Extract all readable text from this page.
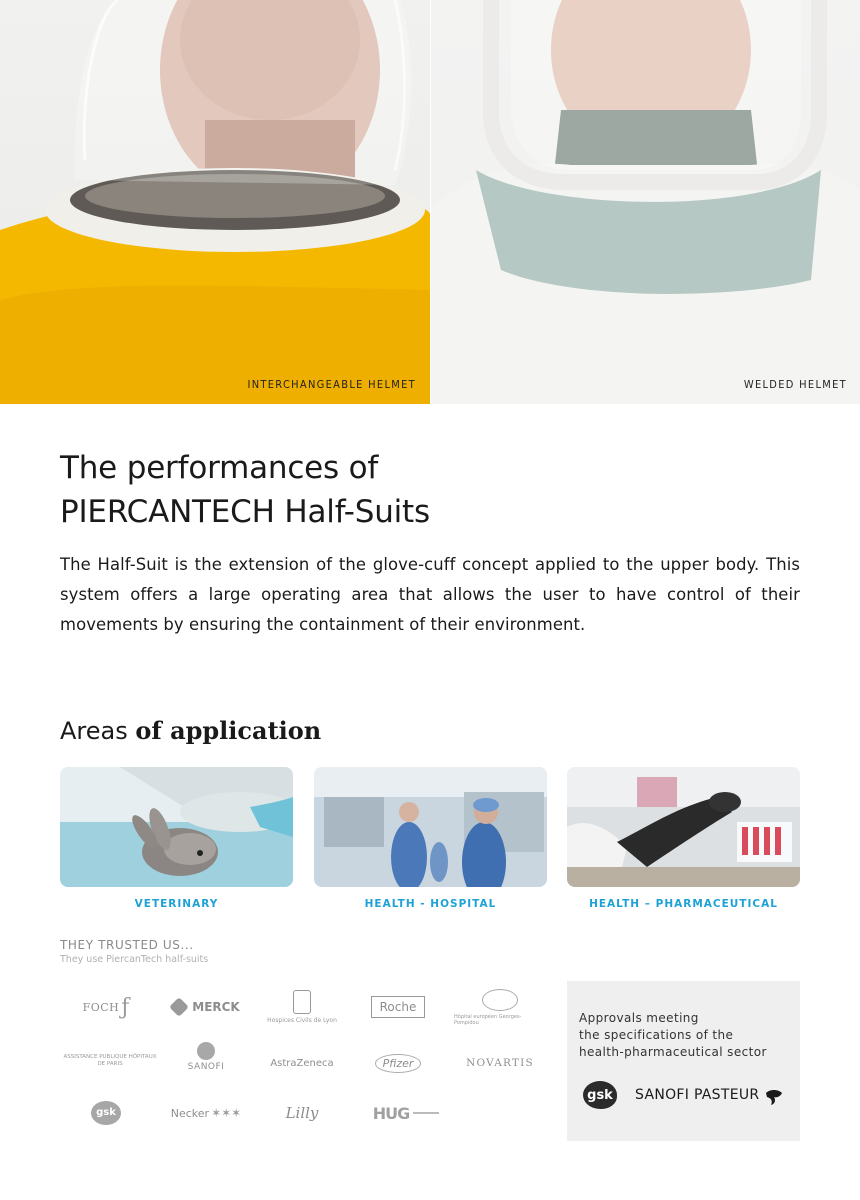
INTERCHANGEABLE HELMET	WELDED HELMET
The performances of
PIERCANTECH Half-Suits

The Half-Suit is the extension of the glove-cuff concept applied to the upper body. This system offers a large operating area that allows the user to have control of their movements by ensuring the containment of their environment.

Areas of application
VETERINARY	HEALTH - HOSPITAL	HEALTH – PHARMACEUTICAL
THEY TRUSTED US...
They use PiercanTech half-suits
FOCH ƒ	MERCK
Hospices Civils de Lyon
Roche
Hôpital européen Georges-Pompidou
ASSISTANCE PUBLIQUE HÔPITAUX DE PARIS	SANOFI	AstraZeneca	Pfizer	NOVARTIS
gsk	Necker ✶✶✶	Lilly	HUG
Approvals meeting
the specifications of the
health-pharmaceutical sector
gsk SANOFI PASTEUR
